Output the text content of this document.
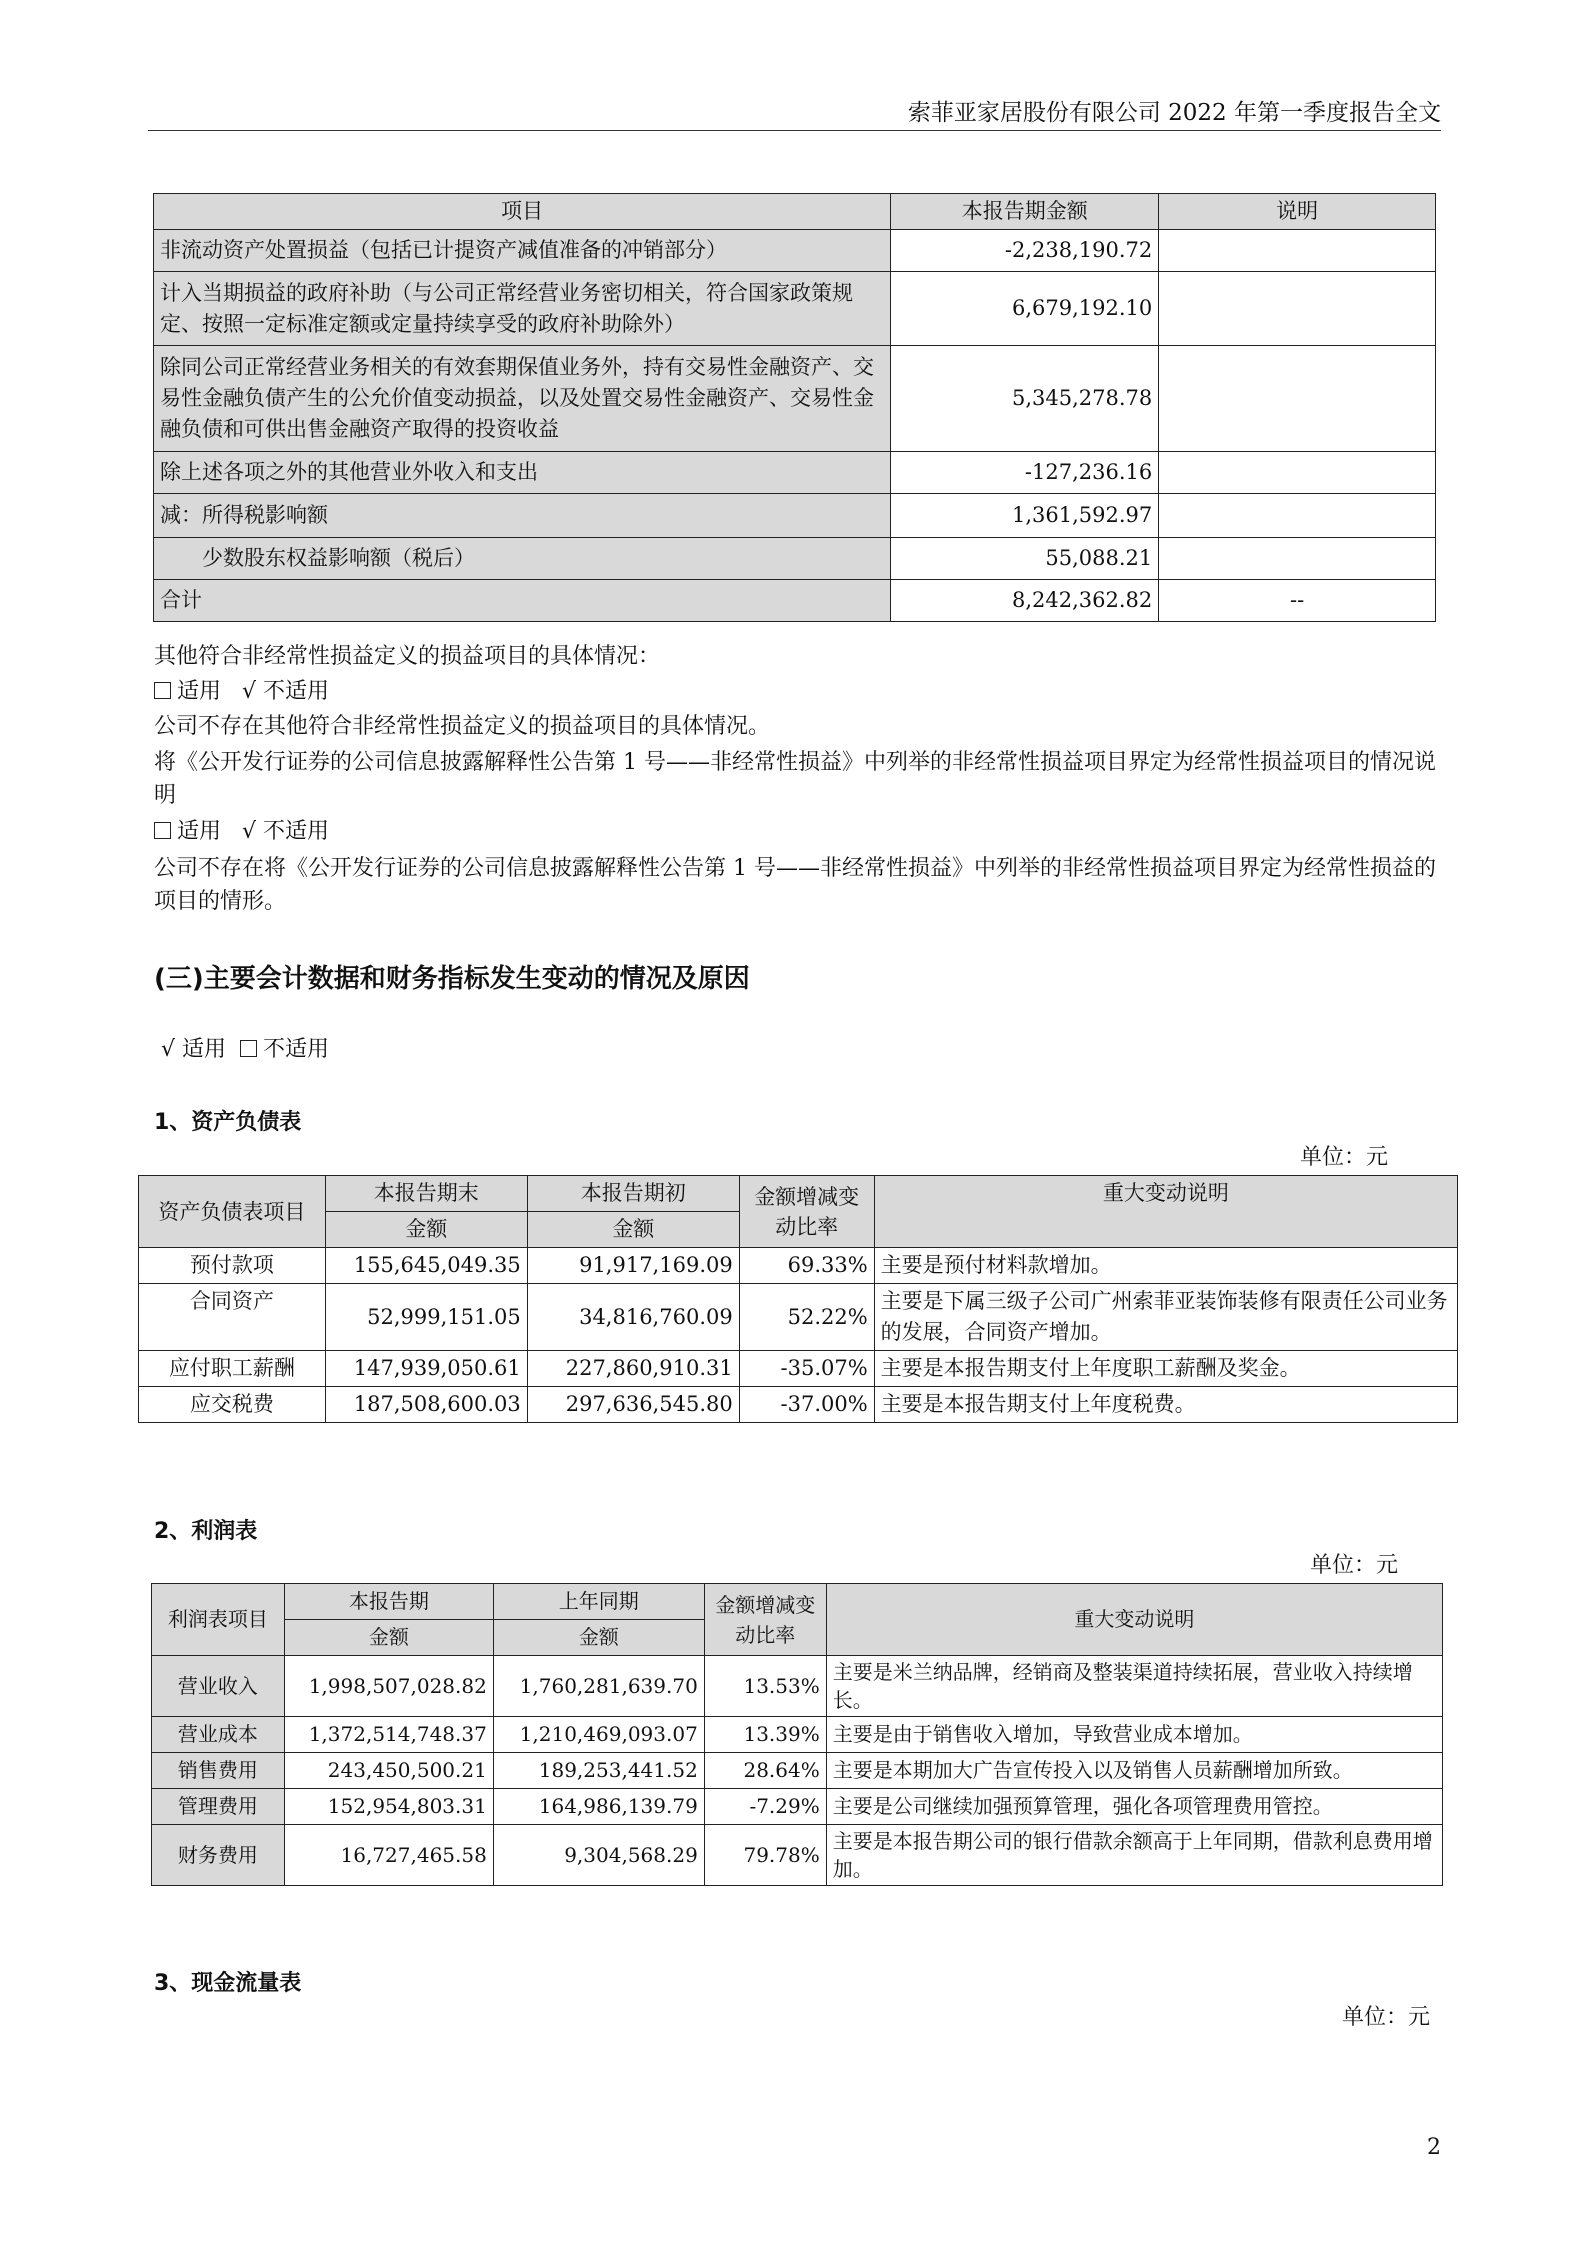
索菲亚家居股份有限公司 2022 年第一季度报告全文
项目	本报告期金额	说明
非流动资产处置损益（包括已计提资产减值准备的冲销部分）	-2,238,190.72	
计入当期损益的政府补助（与公司正常经营业务密切相关，符合国家政策规定、按照一定标准定额或定量持续享受的政府补助除外）	6,679,192.10	
除同公司正常经营业务相关的有效套期保值业务外，持有交易性金融资产、交易性金融负债产生的公允价值变动损益，以及处置交易性金融资产、交易性金融负债和可供出售金融资产取得的投资收益	5,345,278.78	
除上述各项之外的其他营业外收入和支出	-127,236.16	
减：所得税影响额	1,361,592.97	
少数股东权益影响额（税后）	55,088.21	
合计	8,242,362.82	--
其他符合非经常性损益定义的损益项目的具体情况：
适用 √ 不适用
公司不存在其他符合非经常性损益定义的损益项目的具体情况。
将《公开发行证券的公司信息披露解释性公告第 1 号——非经常性损益》中列举的非经常性损益项目界定为经常性损益项目的情况说明
适用 √ 不适用
公司不存在将《公开发行证券的公司信息披露解释性公告第 1 号——非经常性损益》中列举的非经常性损益项目界定为经常性损益的项目的情形。
(三)主要会计数据和财务指标发生变动的情况及原因
√ 适用 不适用
1、资产负债表
单位：元
资产负债表项目	本报告期末	本报告期初	金额增减变动比率	重大变动说明
	金额	金额		
预付款项	155,645,049.35	91,917,169.09	69.33%	主要是预付材料款增加。
合同资产	52,999,151.05	34,816,760.09	52.22%	主要是下属三级子公司广州索菲亚装饰装修有限责任公司业务的发展，合同资产增加。
应付职工薪酬	147,939,050.61	227,860,910.31	-35.07%	主要是本报告期支付上年度职工薪酬及奖金。
应交税费	187,508,600.03	297,636,545.80	-37.00%	主要是本报告期支付上年度税费。
2、利润表
单位：元
利润表项目	本报告期	上年同期	金额增减变动比率	重大变动说明
	金额	金额		
营业收入	1,998,507,028.82	1,760,281,639.70	13.53%	主要是米兰纳品牌，经销商及整装渠道持续拓展，营业收入持续增长。
营业成本	1,372,514,748.37	1,210,469,093.07	13.39%	主要是由于销售收入增加，导致营业成本增加。
销售费用	243,450,500.21	189,253,441.52	28.64%	主要是本期加大广告宣传投入以及销售人员薪酬增加所致。
管理费用	152,954,803.31	164,986,139.79	-7.29%	主要是公司继续加强预算管理，强化各项管理费用管控。
财务费用	16,727,465.58	9,304,568.29	79.78%	主要是本报告期公司的银行借款余额高于上年同期，借款利息费用增加。
3、现金流量表
单位：元
2
